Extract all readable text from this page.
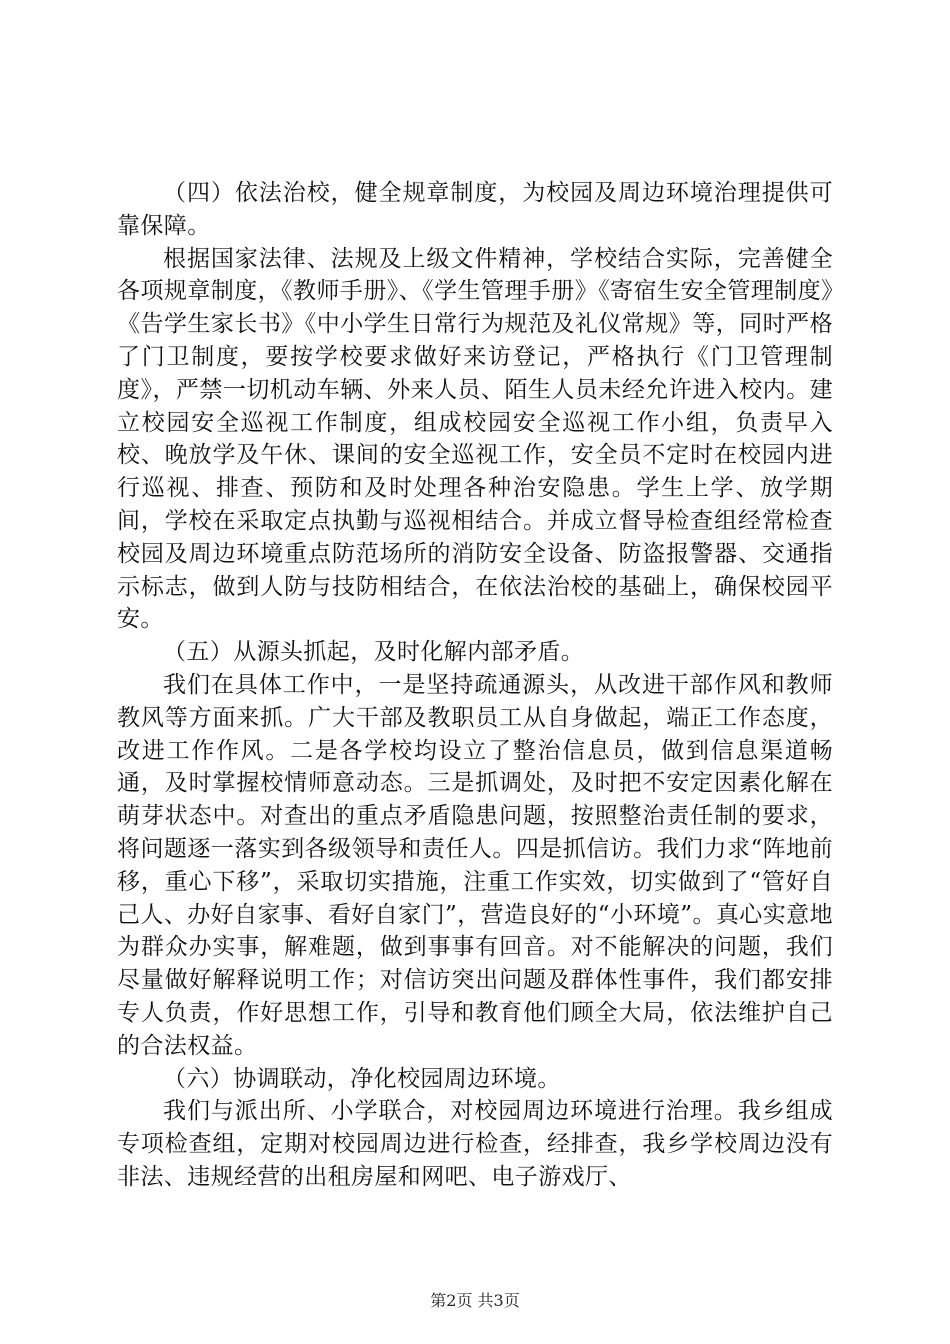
（四）依法治校，健全规章制度，为校园及周边环境治理提供可靠保障。

根据国家法律、法规及上级文件精神，学校结合实际，完善健全各项规章制度，《教师手册》、《学生管理手册》《寄宿生安全管理制度》《告学生家长书》《中小学生日常行为规范及礼仪常规》等，同时严格了门卫制度，要按学校要求做好来访登记，严格执行《门卫管理制度》，严禁一切机动车辆、外来人员、陌生人员未经允许进入校内。建立校园安全巡视工作制度，组成校园安全巡视工作小组，负责早入校、晚放学及午休、课间的安全巡视工作，安全员不定时在校园内进行巡视、排查、预防和及时处理各种治安隐患。学生上学、放学期间，学校在采取定点执勤与巡视相结合。并成立督导检查组经常检查校园及周边环境重点防范场所的消防安全设备、防盗报警器、交通指示标志，做到人防与技防相结合，在依法治校的基础上，确保校园平安。

（五）从源头抓起，及时化解内部矛盾。

我们在具体工作中，一是坚持疏通源头，从改进干部作风和教师教风等方面来抓。广大干部及教职员工从自身做起，端正工作态度，改进工作作风。二是各学校均设立了整治信息员，做到信息渠道畅通，及时掌握校情师意动态。三是抓调处，及时把不安定因素化解在萌芽状态中。对查出的重点矛盾隐患问题，按照整治责任制的要求，将问题逐一落实到各级领导和责任人。四是抓信访。我们力求“阵地前移，重心下移”，采取切实措施，注重工作实效，切实做到了“管好自己人、办好自家事、看好自家门”，营造良好的“小环境”。真心实意地为群众办实事，解难题，做到事事有回音。对不能解决的问题，我们尽量做好解释说明工作；对信访突出问题及群体性事件，我们都安排专人负责，作好思想工作，引导和教育他们顾全大局，依法维护自己的合法权益。

（六）协调联动，净化校园周边环境。

我们与派出所、小学联合，对校园周边环境进行治理。我乡组成专项检查组，定期对校园周边进行检查，经排查，我乡学校周边没有非法、违规经营的出租房屋和网吧、电子游戏厅、

第2页 共3页
